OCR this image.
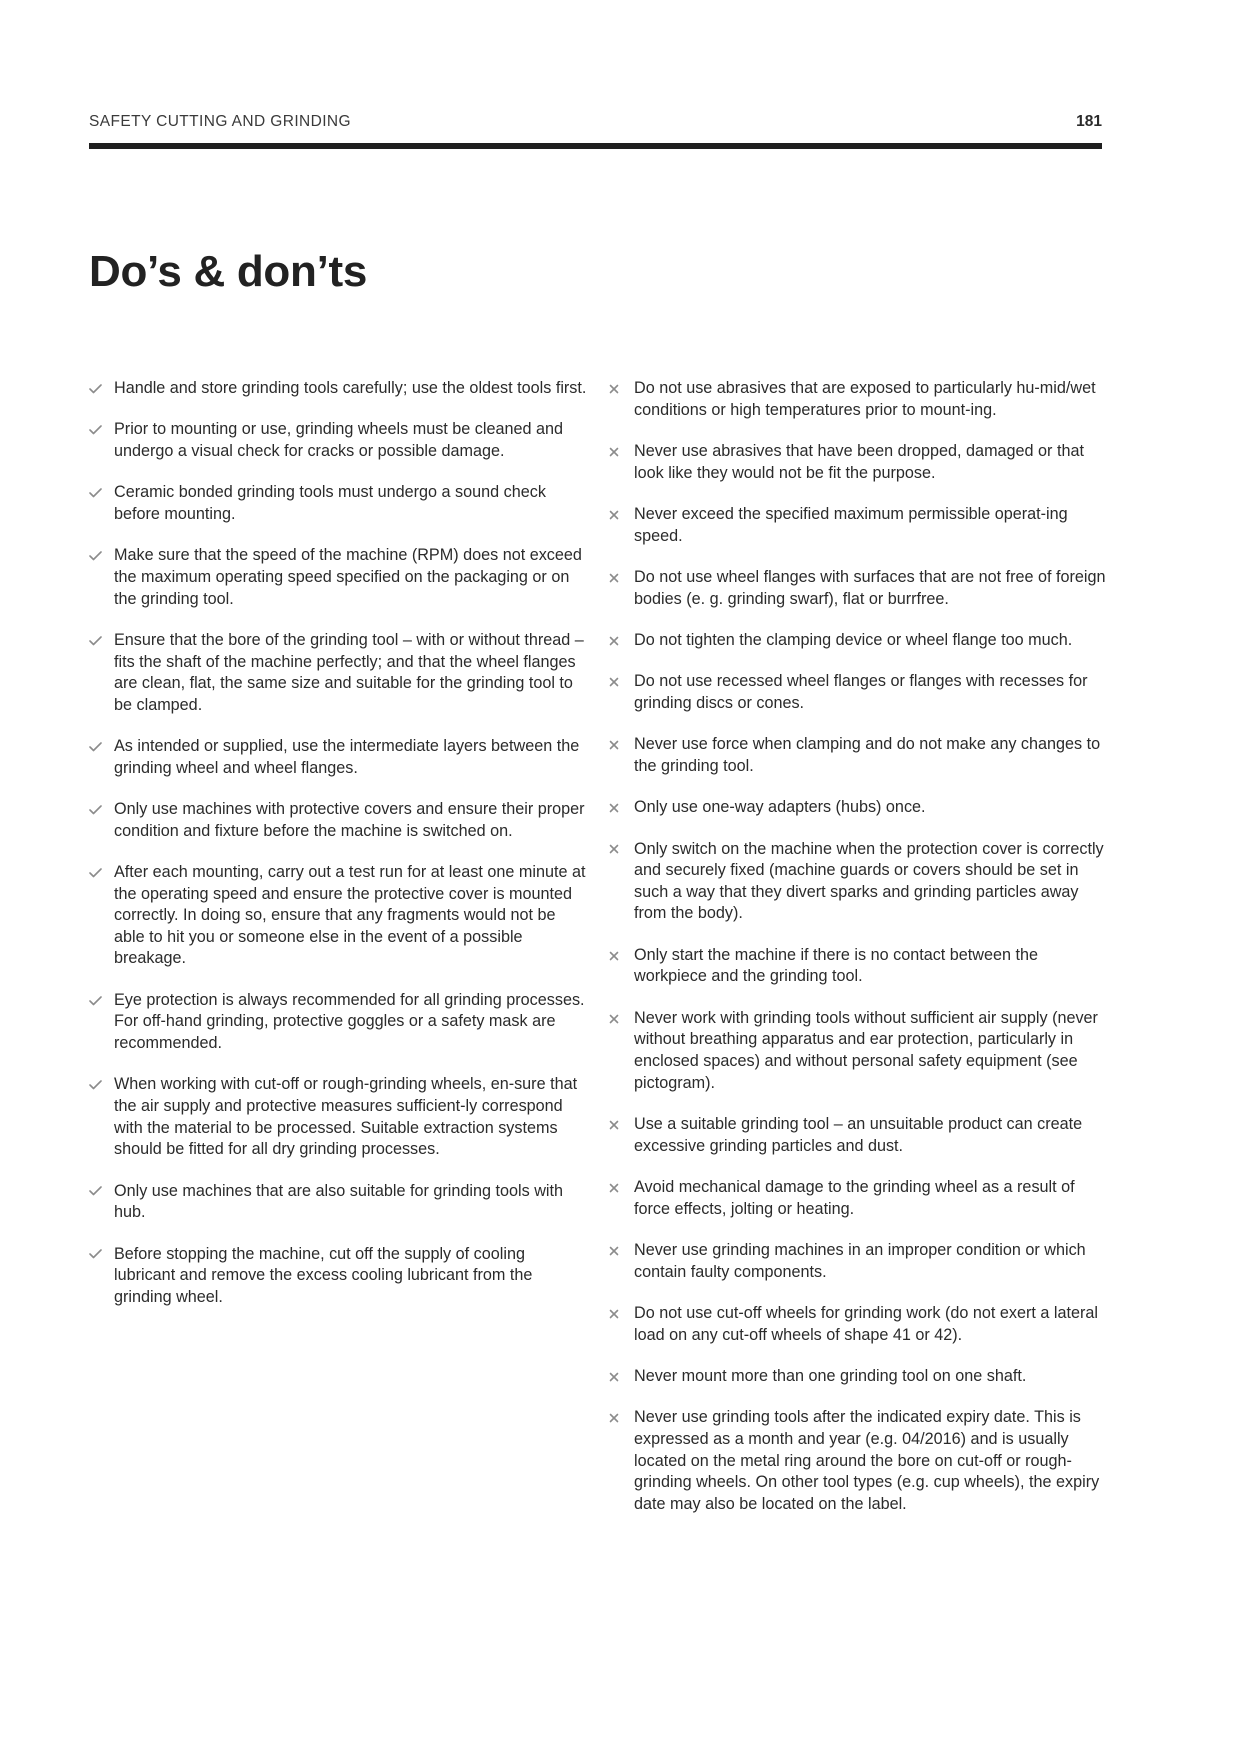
SAFETY CUTTING AND GRINDING	181
Do’s & don’ts
Handle and store grinding tools carefully; use the oldest tools first.
Prior to mounting or use, grinding wheels must be cleaned and undergo a visual check for cracks or possible damage.
Ceramic bonded grinding tools must undergo a sound check before mounting.
Make sure that the speed of the machine (RPM) does not exceed the maximum operating speed specified on the packaging or on the grinding tool.
Ensure that the bore of the grinding tool – with or without thread – fits the shaft of the machine perfectly; and that the wheel flanges are clean, flat, the same size and suitable for the grinding tool to be clamped.
As intended or supplied, use the intermediate layers between the grinding wheel and wheel flanges.
Only use machines with protective covers and ensure their proper condition and fixture before the machine is switched on.
After each mounting, carry out a test run for at least one minute at the operating speed and ensure the protective cover is mounted correctly. In doing so, ensure that any fragments would not be able to hit you or someone else in the event of a possible breakage.
Eye protection is always recommended for all grinding processes. For off-hand grinding, protective goggles or a safety mask are recommended.
When working with cut-off or rough-grinding wheels, en-sure that the air supply and protective measures sufficient-ly correspond with the material to be processed. Suitable extraction systems should be fitted for all dry grinding processes.
Only use machines that are also suitable for grinding tools with hub.
Before stopping the machine, cut off the supply of cooling lubricant and remove the excess cooling lubricant from the grinding wheel.
Do not use abrasives that are exposed to particularly hu-mid/wet conditions or high temperatures prior to mount-ing.
Never use abrasives that have been dropped, damaged or that look like they would not be fit the purpose.
Never exceed the specified maximum permissible operat-ing speed.
Do not use wheel flanges with surfaces that are not free of foreign bodies (e. g. grinding swarf), flat or burrfree.
Do not tighten the clamping device or wheel flange too much.
Do not use recessed wheel flanges or flanges with recesses for grinding discs or cones.
Never use force when clamping and do not make any changes to the grinding tool.
Only use one-way adapters (hubs) once.
Only switch on the machine when the protection cover is correctly and securely fixed (machine guards or covers should be set in such a way that they divert sparks and grinding particles away from the body).
Only start the machine if there is no contact between the workpiece and the grinding tool.
Never work with grinding tools without sufficient air supply (never without breathing apparatus and ear protection, particularly in enclosed spaces) and without personal safety equipment (see pictogram).
Use a suitable grinding tool – an unsuitable product can create excessive grinding particles and dust.
Avoid mechanical damage to the grinding wheel as a result of force effects, jolting or heating.
Never use grinding machines in an improper condition or which contain faulty components.
Do not use cut-off wheels for grinding work (do not exert a lateral load on any cut-off wheels of shape 41 or 42).
Never mount more than one grinding tool on one shaft.
Never use grinding tools after the indicated expiry date. This is expressed as a month and year (e.g. 04/2016) and is usually located on the metal ring around the bore on cut-off or rough-grinding wheels. On other tool types (e.g. cup wheels), the expiry date may also be located on the label.
